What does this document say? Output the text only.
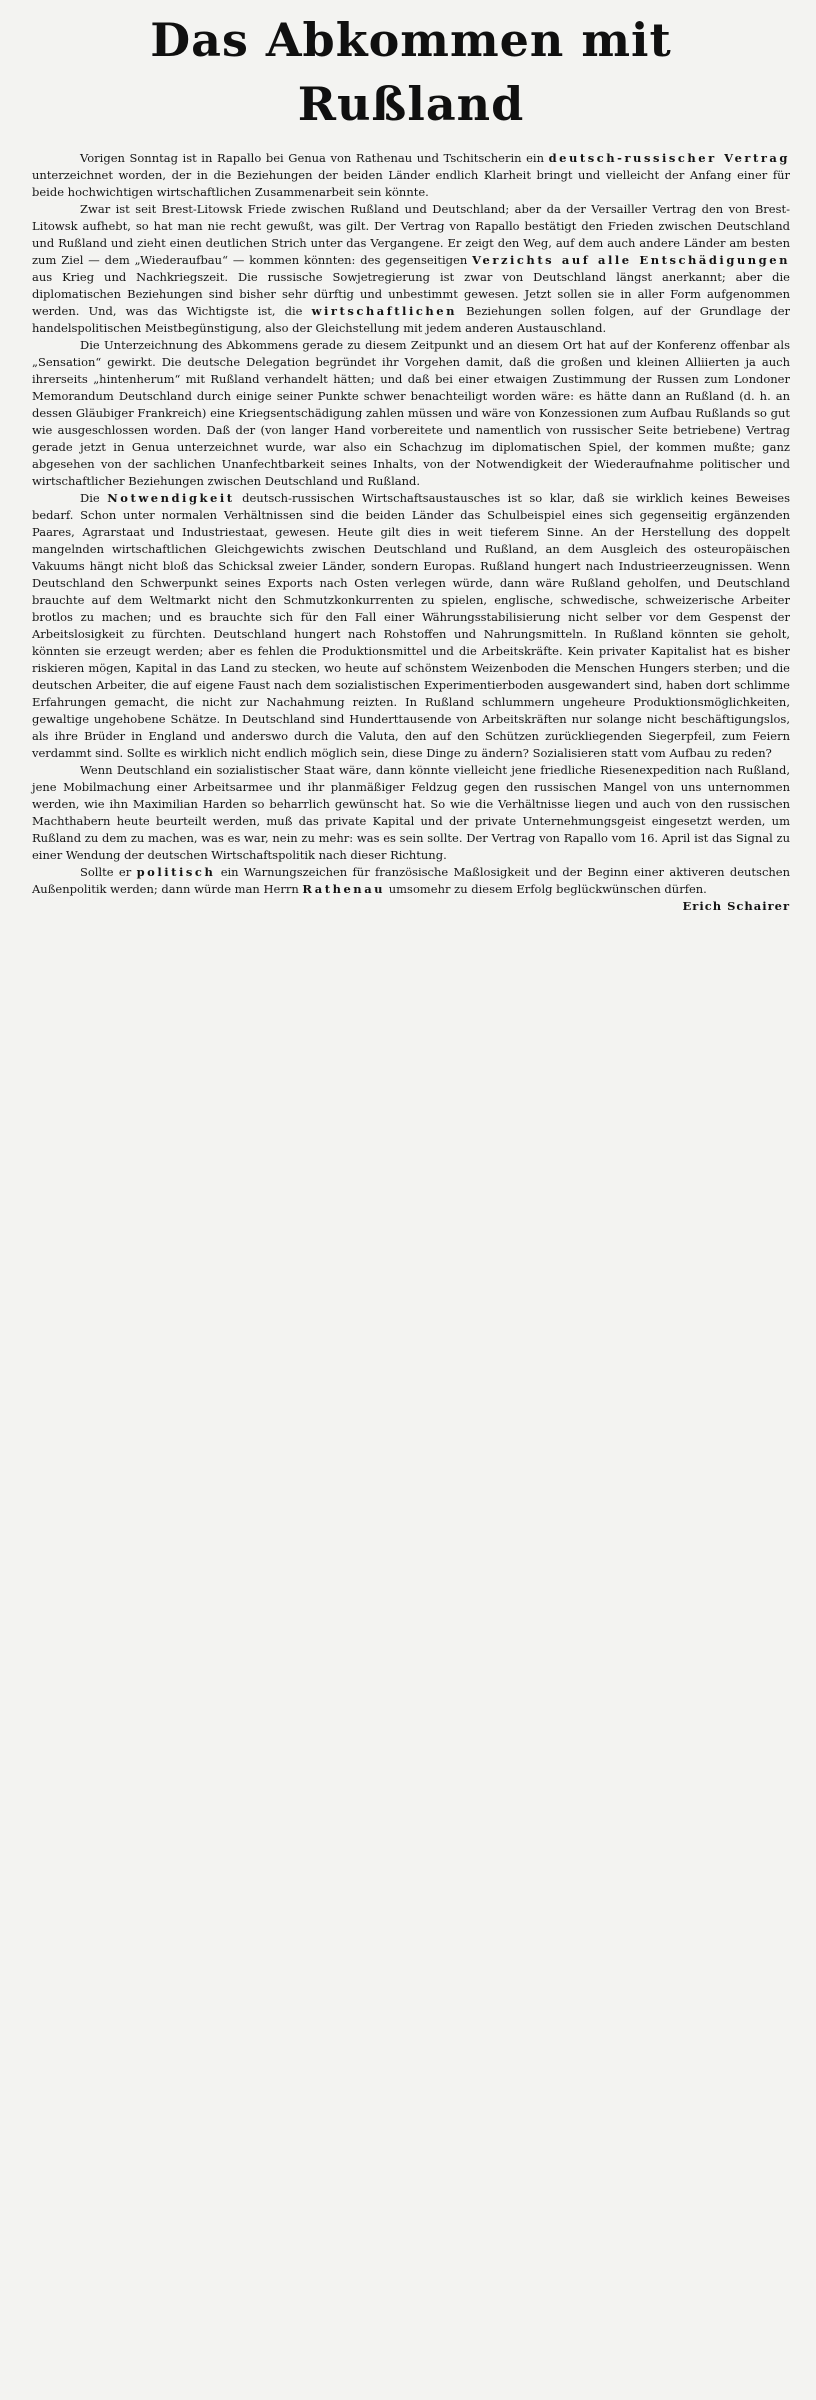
Das Abkommen mit Rußland

Vorigen Sonntag ist in Rapallo bei Genua von Rathenau und Tschitscherin ein deutsch-russischer Vertrag unterzeichnet worden, der in die Beziehungen der beiden Länder endlich Klarheit bringt und vielleicht der Anfang einer für beide hochwichtigen wirtschaftlichen Zusammenarbeit sein könnte.

Zwar ist seit Brest-Litowsk Friede zwischen Rußland und Deutschland; aber da der Versailler Vertrag den von Brest-Litowsk aufhebt, so hat man nie recht gewußt, was gilt. Der Vertrag von Rapallo bestätigt den Frieden zwischen Deutschland und Rußland und zieht einen deutlichen Strich unter das Vergangene. Er zeigt den Weg, auf dem auch andere Länder am besten zum Ziel — dem „Wiederaufbau“ — kommen könnten: des gegenseitigen Verzichts auf alle Entschädigungen aus Krieg und Nachkriegszeit. Die russische Sowjetregierung ist zwar von Deutschland längst anerkannt; aber die diplomatischen Beziehungen sind bisher sehr dürftig und unbestimmt gewesen. Jetzt sollen sie in aller Form aufgenommen werden. Und, was das Wichtigste ist, die wirtschaftlichen Beziehungen sollen folgen, auf der Grundlage der handelspolitischen Meistbegünstigung, also der Gleichstellung mit jedem anderen Austauschland.

Die Unterzeichnung des Abkommens gerade zu diesem Zeitpunkt und an diesem Ort hat auf der Konferenz offenbar als „Sensation“ gewirkt. Die deutsche Delegation begründet ihr Vorgehen damit, daß die großen und kleinen Alliierten ja auch ihrerseits „hintenherum“ mit Rußland verhandelt hätten; und daß bei einer etwaigen Zustimmung der Russen zum Londoner Memorandum Deutschland durch einige seiner Punkte schwer benachteiligt worden wäre: es hätte dann an Rußland (d. h. an dessen Gläubiger Frankreich) eine Kriegsentschädigung zahlen müssen und wäre von Konzessionen zum Aufbau Rußlands so gut wie ausgeschlossen worden. Daß der (von langer Hand vorbereitete und namentlich von russischer Seite betriebene) Vertrag gerade jetzt in Genua unterzeichnet wurde, war also ein Schachzug im diplomatischen Spiel, der kommen mußte; ganz abgesehen von der sachlichen Unanfechtbarkeit seines Inhalts, von der Notwendigkeit der Wiederaufnahme politischer und wirtschaftlicher Beziehungen zwischen Deutschland und Rußland.

Die Notwendigkeit deutsch-russischen Wirtschaftsaustausches ist so klar, daß sie wirklich keines Beweises bedarf. Schon unter normalen Verhältnissen sind die beiden Länder das Schulbeispiel eines sich gegenseitig ergänzenden Paares, Agrarstaat und Industriestaat, gewesen. Heute gilt dies in weit tieferem Sinne. An der Herstellung des doppelt mangelnden wirtschaftlichen Gleichgewichts zwischen Deutschland und Rußland, an dem Ausgleich des osteuropäischen Vakuums hängt nicht bloß das Schicksal zweier Länder, sondern Europas. Rußland hungert nach Industrieerzeugnissen. Wenn Deutschland den Schwerpunkt seines Exports nach Osten verlegen würde, dann wäre Rußland geholfen, und Deutschland brauchte auf dem Weltmarkt nicht den Schmutzkonkurrenten zu spielen, englische, schwedische, schweizerische Arbeiter brotlos zu machen; und es brauchte sich für den Fall einer Währungsstabilisierung nicht selber vor dem Gespenst der Arbeitslosigkeit zu fürchten. Deutschland hungert nach Rohstoffen und Nahrungsmitteln. In Rußland könnten sie geholt, könnten sie erzeugt werden; aber es fehlen die Produktionsmittel und die Arbeitskräfte. Kein privater Kapitalist hat es bisher riskieren mögen, Kapital in das Land zu stecken, wo heute auf schönstem Weizenboden die Menschen Hungers sterben; und die deutschen Arbeiter, die auf eigene Faust nach dem sozialistischen Experimentierboden ausgewandert sind, haben dort schlimme Erfahrungen gemacht, die nicht zur Nachahmung reizten. In Rußland schlummern ungeheure Produktionsmöglichkeiten, gewaltige ungehobene Schätze. In Deutschland sind Hunderttausende von Arbeitskräften nur solange nicht beschäftigungslos, als ihre Brüder in England und anderswo durch die Valuta, den auf den Schützen zurückliegenden Siegerpfeil, zum Feiern verdammt sind. Sollte es wirklich nicht endlich möglich sein, diese Dinge zu ändern? Sozialisieren statt vom Aufbau zu reden?

Wenn Deutschland ein sozialistischer Staat wäre, dann könnte vielleicht jene friedliche Riesenexpedition nach Rußland, jene Mobilmachung einer Arbeitsarmee und ihr planmäßiger Feldzug gegen den russischen Mangel von uns unternommen werden, wie ihn Maximilian Harden so beharrlich gewünscht hat. So wie die Verhältnisse liegen und auch von den russischen Machthabern heute beurteilt werden, muß das private Kapital und der private Unternehmungsgeist eingesetzt werden, um Rußland zu dem zu machen, was es war, nein zu mehr: was es sein sollte. Der Vertrag von Rapallo vom 16. April ist das Signal zu einer Wendung der deutschen Wirtschaftspolitik nach dieser Richtung.

Sollte er politisch ein Warnungszeichen für französische Maßlosigkeit und der Beginn einer aktiveren deutschen Außenpolitik werden; dann würde man Herrn Rathenau umsomehr zu diesem Erfolg beglückwünschen dürfen.
Erich Schairer
